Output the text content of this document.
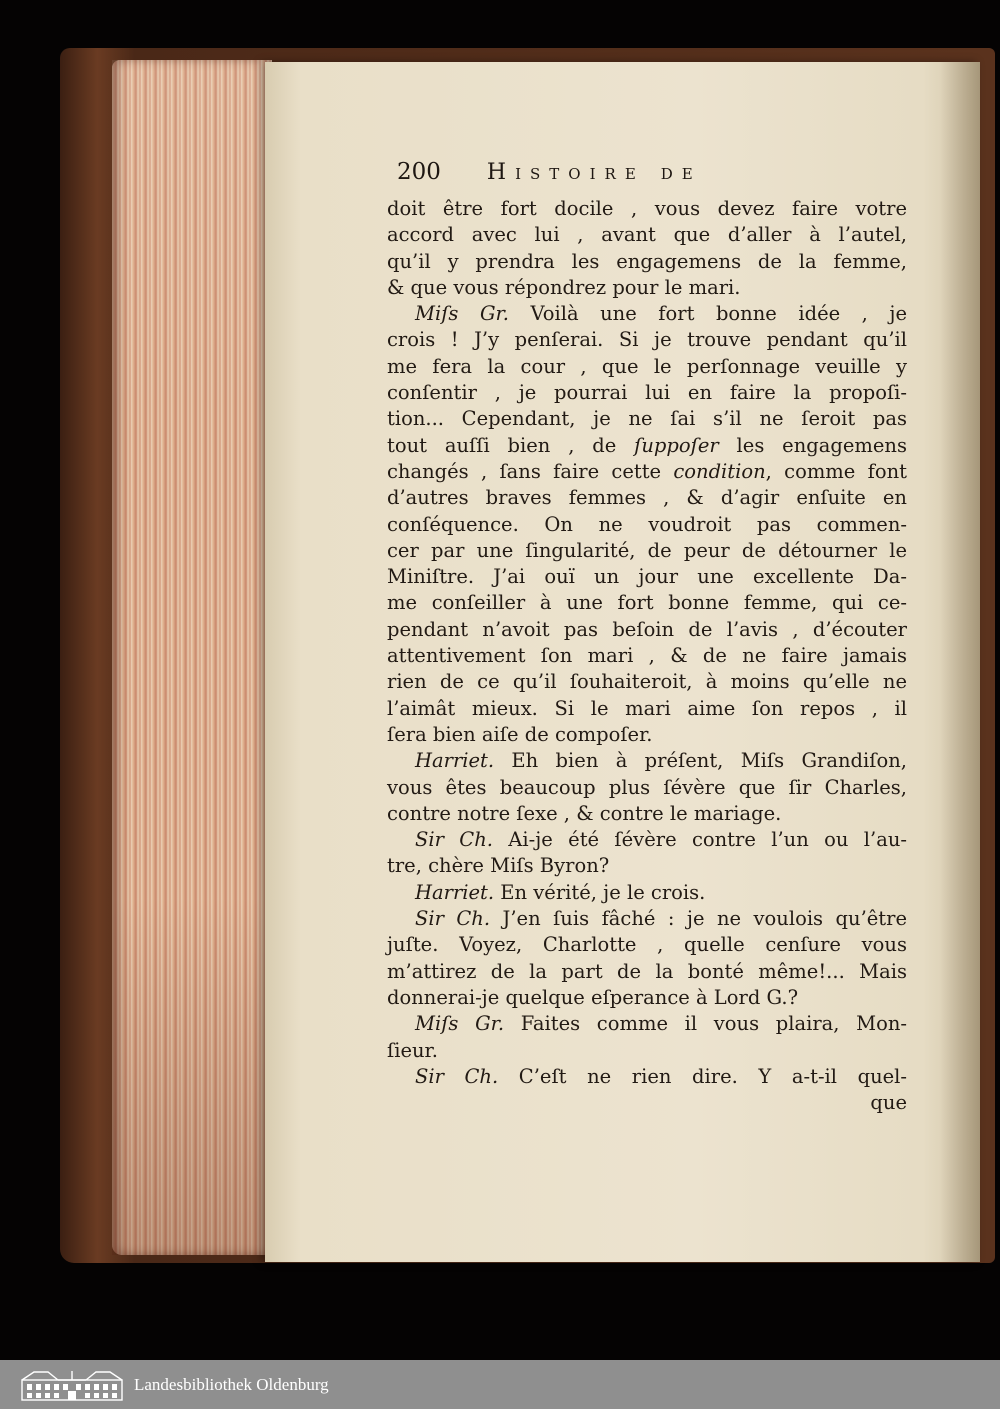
200 Histoire de
doit être fort docile , vous devez faire votre
accord avec lui , avant que d’aller à l’autel,
qu’il y prendra les engagemens de la femme,
& que vous répondrez pour le mari.
Miſs Gr. Voilà une fort bonne idée , je
crois ! J’y penſerai. Si je trouve pendant qu’il
me fera la cour , que le perſonnage veuille y
conſentir , je pourrai lui en faire la propoſi-
tion... Cependant, je ne ſai s’il ne ſeroit pas
tout auſſi bien , de ſuppoſer les engagemens
changés , ſans faire cette condition, comme font
d’autres braves femmes , & d’agir enſuite en
conſéquence. On ne voudroit pas commen-
cer par une ſingularité, de peur de détourner le
Miniſtre. J’ai ouï un jour une excellente Da-
me conſeiller à une fort bonne femme, qui ce-
pendant n’avoit pas beſoin de l’avis , d’écouter
attentivement ſon mari , & de ne faire jamais
rien de ce qu’il ſouhaiteroit, à moins qu’elle ne
l’aimât mieux. Si le mari aime ſon repos , il
ſera bien aiſe de compoſer.
Harriet. Eh bien à préſent, Miſs Grandiſon,
vous êtes beaucoup plus ſévère que ſir Charles,
contre notre ſexe , & contre le mariage.
Sir Ch. Ai-je été ſévère contre l’un ou l’au-
tre, chère Miſs Byron?
Harriet. En vérité, je le crois.
Sir Ch. J’en ſuis fâché : je ne voulois qu’être
juſte. Voyez, Charlotte , quelle cenſure vous
m’attirez de la part de la bonté même!... Mais
donnerai-je quelque eſperance à Lord G.?
Miſs Gr. Faites comme il vous plaira, Mon-
ſieur.
Sir Ch. C’eſt ne rien dire. Y a-t-il quel-
que
Landesbibliothek Oldenburg
